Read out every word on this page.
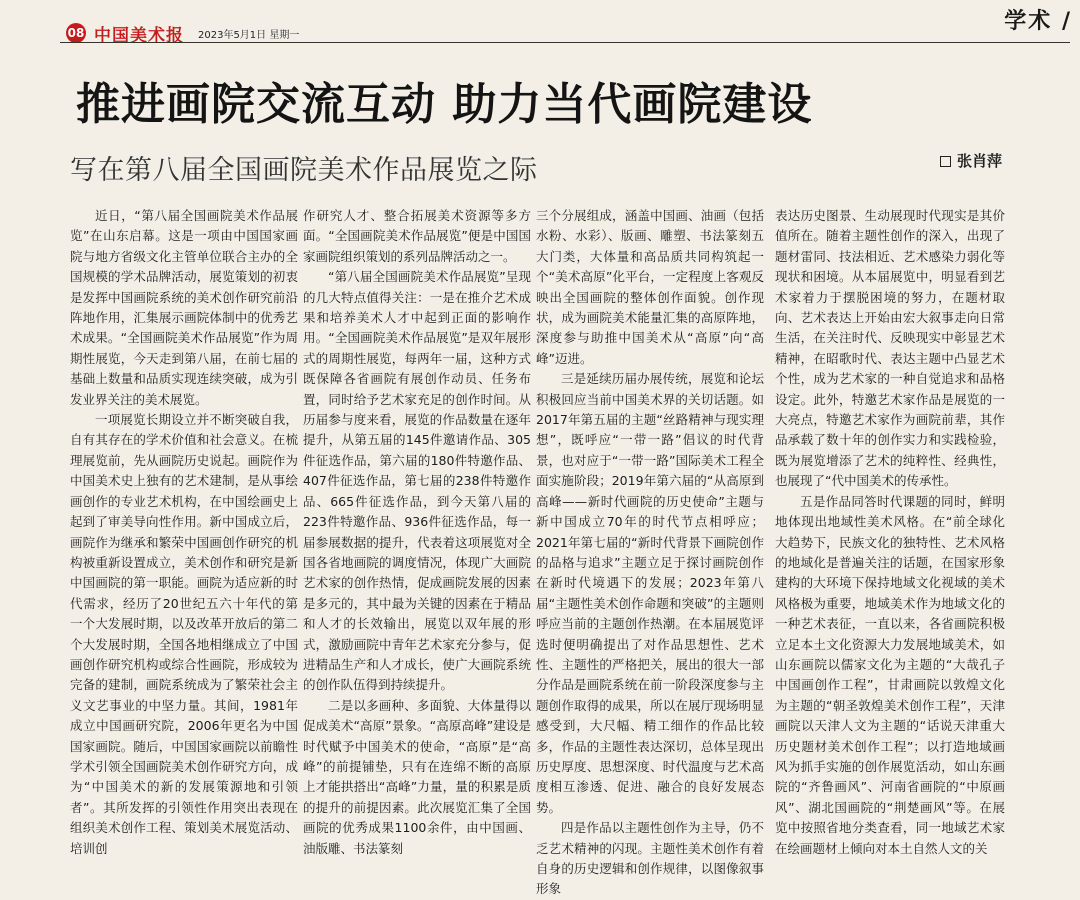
学术 /
08 中国美术报 2023年5月1日 星期一
推进画院交流互动 助力当代画院建设
写在第八届全国画院美术作品展览之际	张肖萍

近日，“第八届全国画院美术作品展览”在山东启幕。这是一项由中国国家画院与地方省级文化主管单位联合主办的全国规模的学术品牌活动，展览策划的初衷是发挥中国画院系统的美术创作研究前沿阵地作用，汇集展示画院体制中的优秀艺术成果。“全国画院美术作品展览”作为周期性展览，今天走到第八届，在前七届的基础上数量和品质实现连续突破，成为引发业界关注的美术展览。

一项展览长期设立并不断突破自我，自有其存在的学术价值和社会意义。在梳理展览前，先从画院历史说起。画院作为中国美术史上独有的艺术建制，是从事绘画创作的专业艺术机构，在中国绘画史上起到了审美导向性作用。新中国成立后，画院作为继承和繁荣中国画创作研究的机构被重新设置成立，美术创作和研究是新中国画院的第一职能。画院为适应新的时代需求，经历了20世纪五六十年代的第一个大发展时期，以及改革开放后的第二个大发展时期，全国各地相继成立了中国画创作研究机构或综合性画院，形成较为完备的建制，画院系统成为了繁荣社会主义文艺事业的中坚力量。其间，1981年成立中国画研究院，2006年更名为中国国家画院。随后，中国国家画院以前瞻性学术引领全国画院美术创作研究方向，成为“中国美术的新的发展策源地和引领者”。其所发挥的引领性作用突出表现在组织美术创作工程、策划美术展览活动、培训创

作研究人才、整合拓展美术资源等多方面。“全国画院美术作品展览”便是中国国家画院组织策划的系列品牌活动之一。

“第八届全国画院美术作品展览”呈现的几大特点值得关注：一是在推介艺术成果和培养美术人才中起到正面的影响作用。“全国画院美术作品展览”是双年展形式的周期性展览，每两年一届，这种方式既保障各省画院有展创作动员、任务布置，同时给予艺术家充足的创作时间。从历届参与度来看，展览的作品数量在逐年提升，从第五届的145件邀请作品、305件征选作品，第六届的180件特邀作品、407件征选作品，第七届的238件特邀作品、665件征选作品，到今天第八届的223件特邀作品、936件征选作品，每一届参展数据的提升，代表着这项展览对全国各省地画院的调度情况，体现广大画院艺术家的创作热情，促成画院发展的因素是多元的，其中最为关键的因素在于精品和人才的长效输出，展览以双年展的形式，激励画院中青年艺术家充分参与，促进精品生产和人才成长，使广大画院系统的创作队伍得到持续提升。

二是以多画种、多面貌、大体量得以促成美术“高原”景象。“高原高峰”建设是时代赋予中国美术的使命，“高原”是“高峰”的前提铺垫，只有在连绵不断的高原上才能拱搭出“高峰”力量，量的积累是质的提升的前提因素。此次展览汇集了全国画院的优秀成果1100余件，由中国画、油版雕、书法篆刻

三个分展组成，涵盖中国画、油画（包括水粉、水彩）、版画、雕塑、书法篆刻五大门类，大体量和高品质共同构筑起一个“美术高原”化平台，一定程度上客观反映出全国画院的整体创作面貌。创作现状，成为画院美术能量汇集的高原阵地，深度参与助推中国美术从“高原”向“高峰”迈进。

三是延续历届办展传统，展览和论坛积极回应当前中国美术界的关切话题。如2017年第五届的主题“丝路精神与现实理想”，既呼应“一带一路”倡议的时代背景，也对应于“一带一路”国际美术工程全面实施阶段；2019年第六届的“从高原到高峰——新时代画院的历史使命”主题与新中国成立70年的时代节点相呼应；2021年第七届的“新时代背景下画院创作的品格与追求”主题立足于探讨画院创作在新时代境遇下的发展；2023年第八届“主题性美术创作命题和突破”的主题则呼应当前的主题创作热潮。在本届展览评选时便明确提出了对作品思想性、艺术性、主题性的严格把关，展出的很大一部分作品是画院系统在前一阶段深度参与主题创作取得的成果，所以在展厅现场明显感受到，大尺幅、精工细作的作品比较多，作品的主题性表达深切，总体呈现出历史厚度、思想深度、时代温度与艺术高度相互渗透、促进、融合的良好发展态势。

四是作品以主题性创作为主导，仍不乏艺术精神的闪现。主题性美术创作有着自身的历史逻辑和创作规律，以图像叙事形象

表达历史图景、生动展现时代现实是其价值所在。随着主题性创作的深入，出现了题材雷同、技法相近、艺术感染力弱化等现状和困境。从本届展览中，明显看到艺术家着力于摆脱困境的努力，在题材取向、艺术表达上开始由宏大叙事走向日常生活，在关注时代、反映现实中彰显艺术精神，在昭歌时代、表达主题中凸显艺术个性，成为艺术家的一种自觉追求和品格设定。此外，特邀艺术家作品是展览的一大亮点，特邀艺术家作为画院前辈，其作品承载了数十年的创作实力和实践检验，既为展览增添了艺术的纯粹性、经典性，也展现了“代中国美术的传承性。

五是作品同答时代课题的同时，鲜明地体现出地域性美术风格。在“前全球化大趋势下，民族文化的独特性、艺术风格的地域化是普遍关注的话题，在国家形象建构的大环境下保持地域文化视域的美术风格极为重要，地域美术作为地域文化的一种艺术表征，一直以来，各省画院积极立足本土文化资源大力发展地域美术，如山东画院以儒家文化为主题的“大哉孔子中国画创作工程”，甘肃画院以敦煌文化为主题的“朝圣敦煌美术创作工程”，天津画院以天津人文为主题的“话说天津重大历史题材美术创作工程”；以打造地域画风为抓手实施的创作展览活动，如山东画院的“齐鲁画风”、河南省画院的“中原画风”、湖北国画院的“荆楚画风”等。在展览中按照省地分类查看，同一地域艺术家在绘画题材上倾向对本土自然人文的关
